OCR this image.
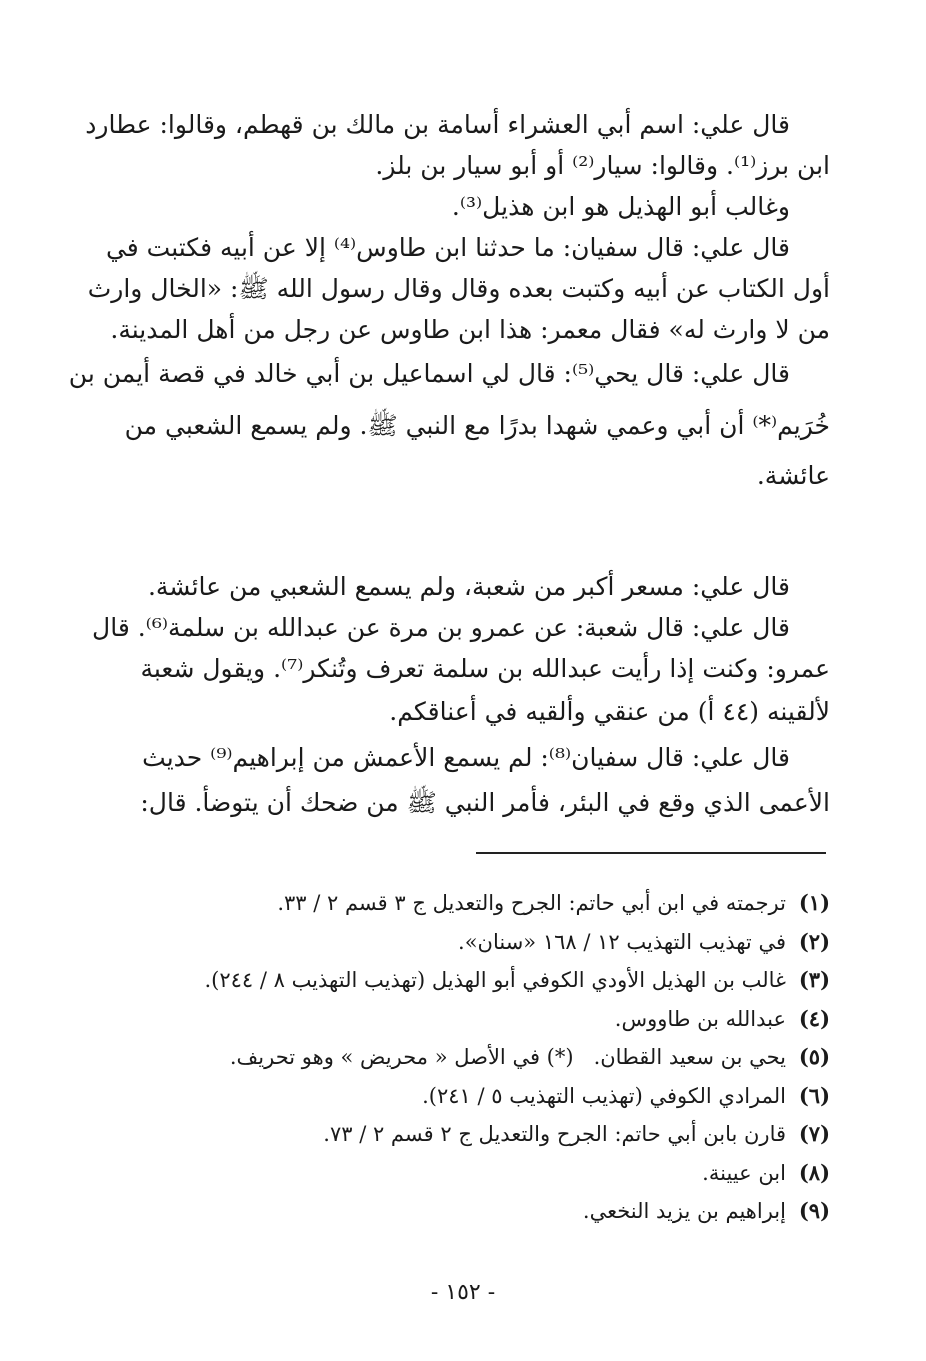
قال علي: اسم أبي العشراء أسامة بن مالك بن قهطم، وقالوا: عطارد
ابن برز⁽¹⁾. وقالوا: سيار⁽²⁾ أو أبو سيار بن بلز.
وغالب أبو الهذيل هو ابن هذيل⁽³⁾.
قال علي: قال سفيان: ما حدثنا ابن طاوس⁽⁴⁾ إلا عن أبيه فكتبت في
أول الكتاب عن أبيه وكتبت بعده وقال وقال رسول الله ﷺ: «الخال وارث
من لا وارث له» فقال معمر: هذا ابن طاوس عن رجل من أهل المدينة.
قال علي: قال يحي⁽⁵⁾: قال لي اسماعيل بن أبي خالد في قصة أيمن بن
خُرَيم⁽*⁾ أن أبي وعمي شهدا بدرًا مع النبي ﷺ. ولم يسمع الشعبي من
عائشة.
قال علي: مسعر أكبر من شعبة، ولم يسمع الشعبي من عائشة.
قال علي: قال شعبة: عن عمرو بن مرة عن عبدالله بن سلمة⁽⁶⁾. قال
عمرو: وكنت إذا رأيت عبدالله بن سلمة تعرف وتُنكر⁽⁷⁾. ويقول شعبة
لألقينه (٤٤ أ) من عنقي وألقيه في أعناقكم.
قال علي: قال سفيان⁽⁸⁾: لم يسمع الأعمش من إبراهيم⁽⁹⁾ حديث
الأعمى الذي وقع في البئر، فأمر النبي ﷺ من ضحك أن يتوضأ. قال:
(١)ترجمته في ابن أبي حاتم: الجرح والتعديل ج ٣ قسم ٢ / ٣٣.
(٢)في تهذيب التهذيب ١٢ / ١٦٨ «سنان».
(٣)غالب بن الهذيل الأودي الكوفي أبو الهذيل (تهذيب التهذيب ٨ / ٢٤٤).
(٤)عبدالله بن طاووس.
(٥)يحي بن سعيد القطان.   (*) في الأصل « محريض » وهو تحريف.
(٦)المرادي الكوفي (تهذيب التهذيب ٥ / ٢٤١).
(٧)قارن بابن أبي حاتم: الجرح والتعديل ج ٢ قسم ٢ / ٧٣.
(٨)ابن عيينة.
(٩)إبراهيم بن يزيد النخعي.
- ١٥٢ -
